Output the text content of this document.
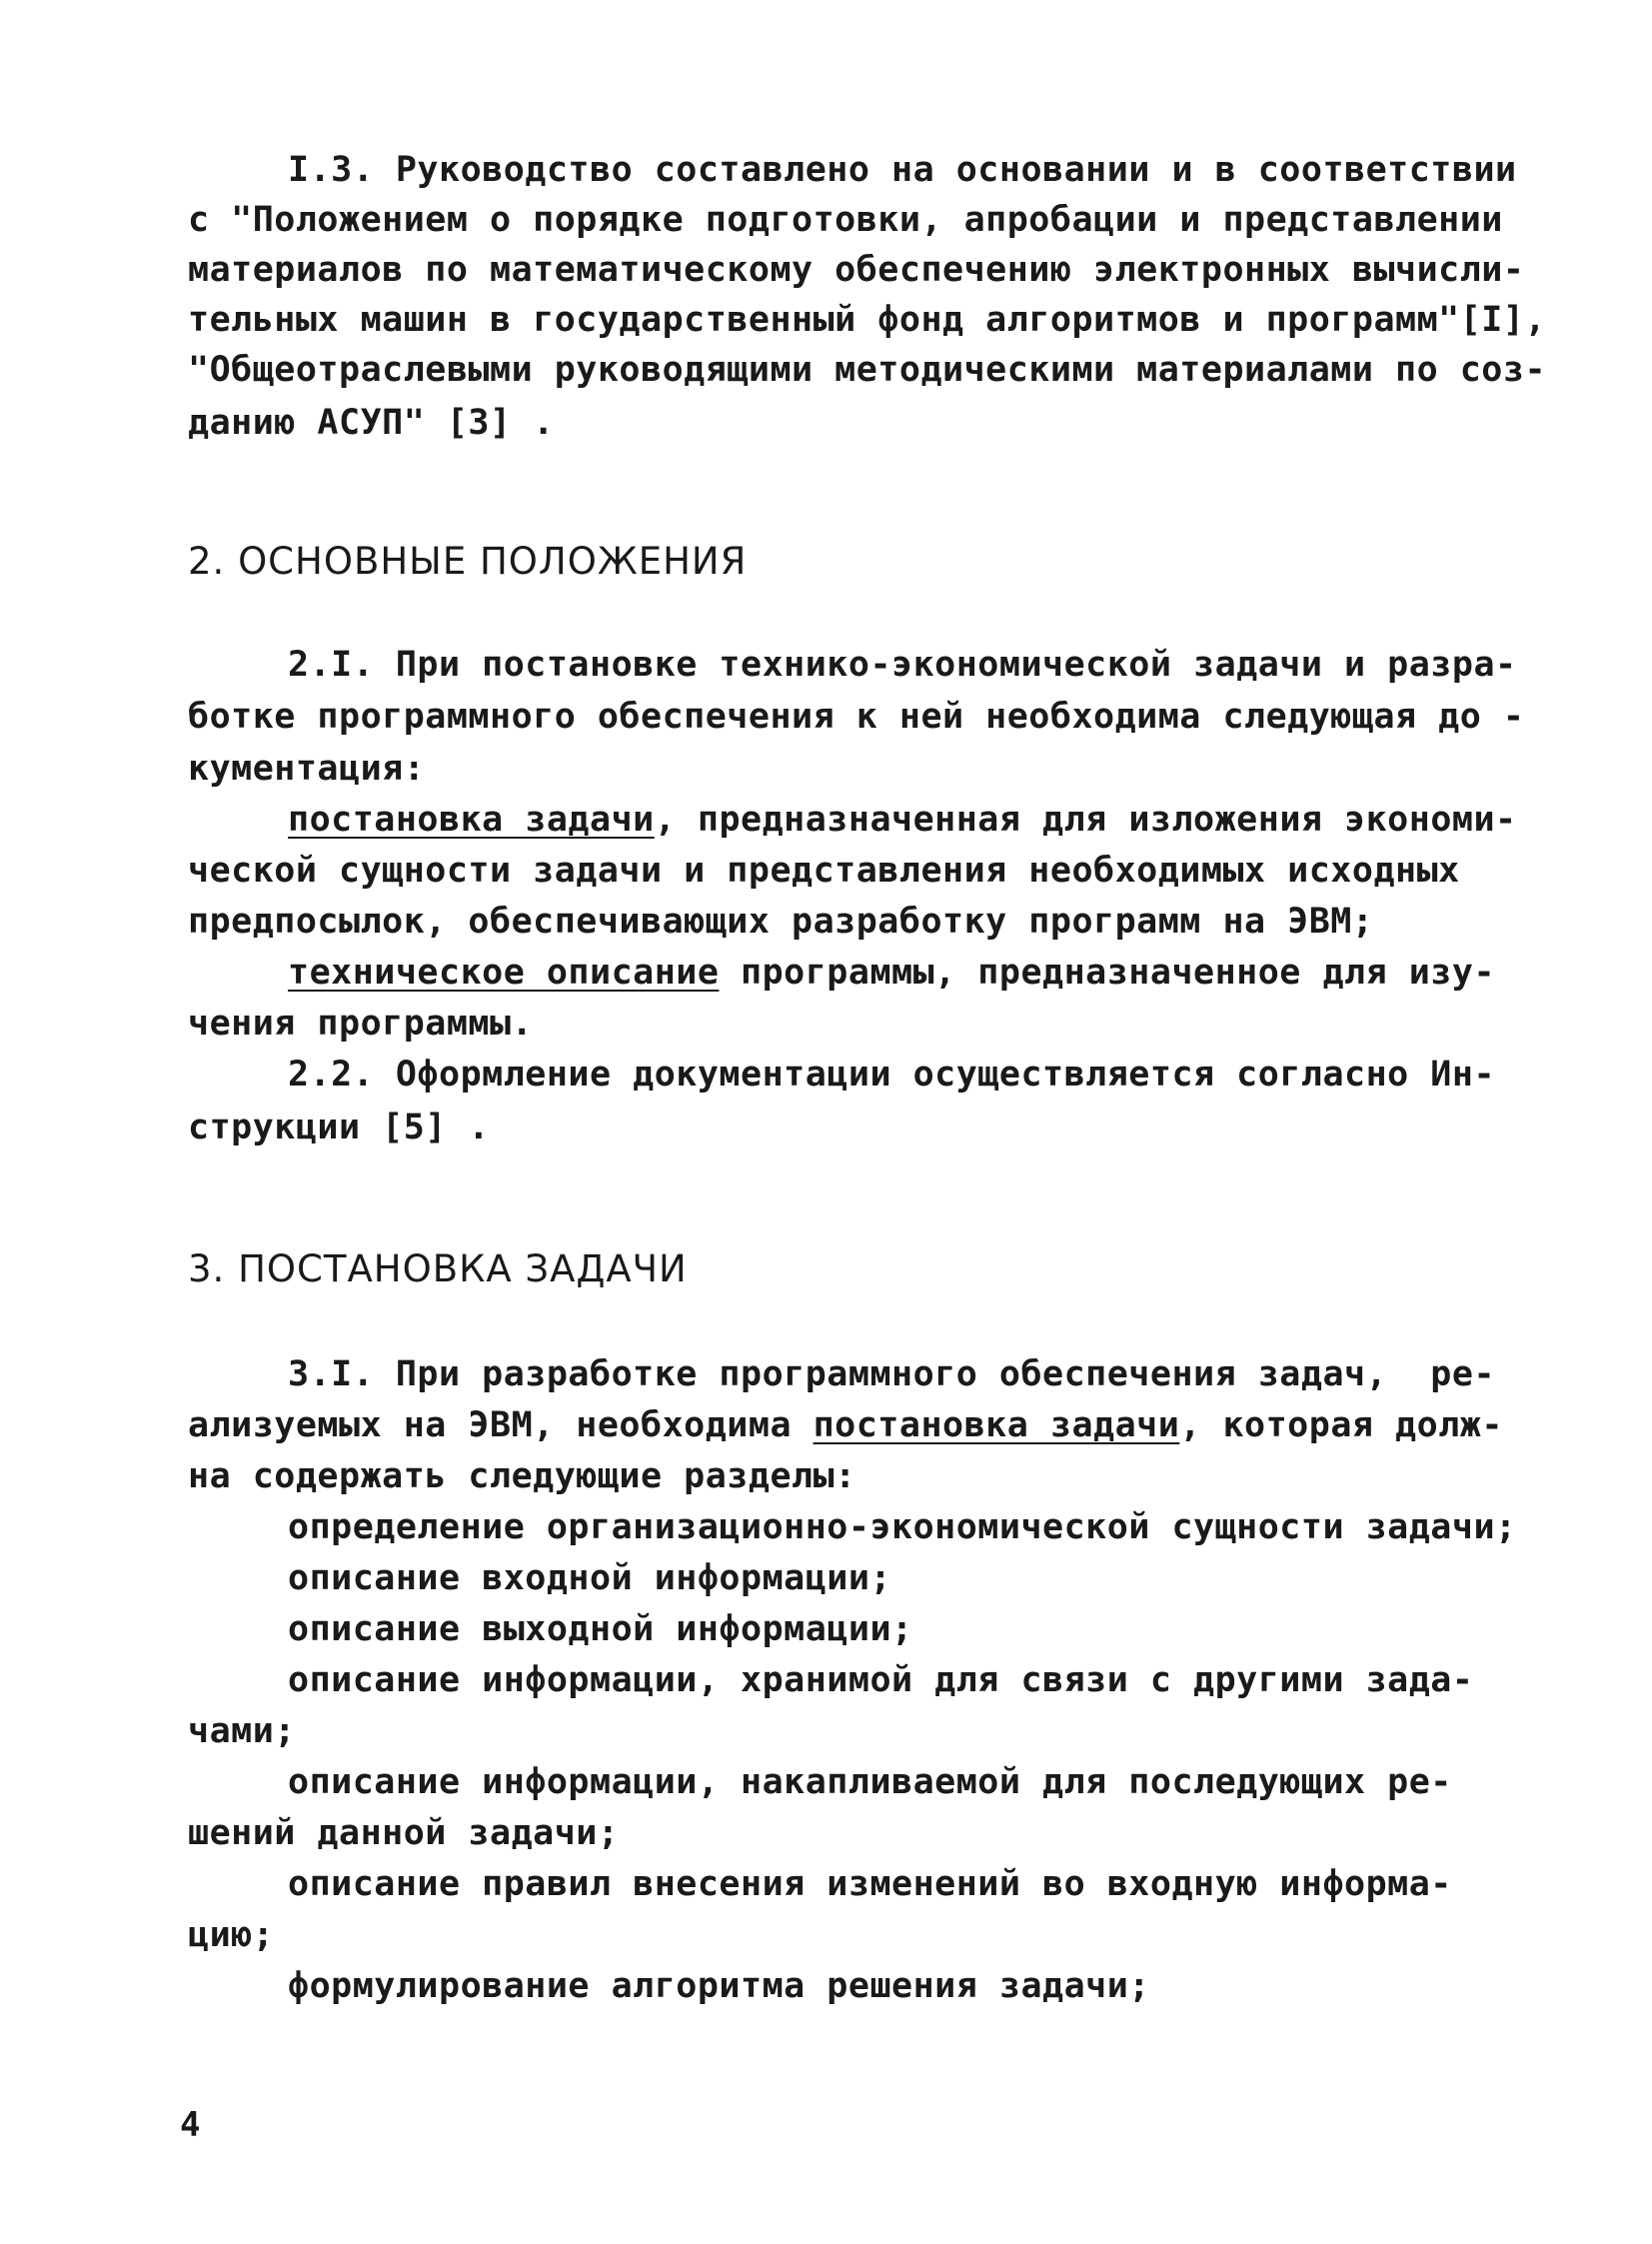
I.3. Руководство составлено на основании и в соответствии
с "Положением о порядке подготовки, апробации и представлении
материалов по математическому обеспечению электронных вычисли-
тельных машин в государственный фонд алгоритмов и программ"[I],
"Общеотраслевыми руководящими методическими материалами по соз-
данию АСУП" [3] .
2. ОСНОВНЫЕ ПОЛОЖЕНИЯ
2.I. При постановке технико-экономической задачи и разра-
ботке программного обеспечения к ней необходима следующая до -
кументация:
постановка задачи, предназначенная для изложения экономи-
ческой сущности задачи и представления необходимых исходных
предпосылок, обеспечивающих разработку программ на ЭВМ;
техническое описание программы, предназначенное для изу-
чения программы.
2.2. Оформление документации осуществляется согласно Ин-
струкции [5] .
3. ПОСТАНОВКА ЗАДАЧИ
3.I. При разработке программного обеспечения задач,  ре-
ализуемых на ЭВМ, необходима постановка задачи, которая долж-
на содержать следующие разделы:
определение организационно-экономической сущности задачи;
описание входной информации;
описание выходной информации;
описание информации, хранимой для связи с другими зада-
чами;
описание информации, накапливаемой для последующих ре-
шений данной задачи;
описание правил внесения изменений во входную информа-
цию;
формулирование алгоритма решения задачи;
4
